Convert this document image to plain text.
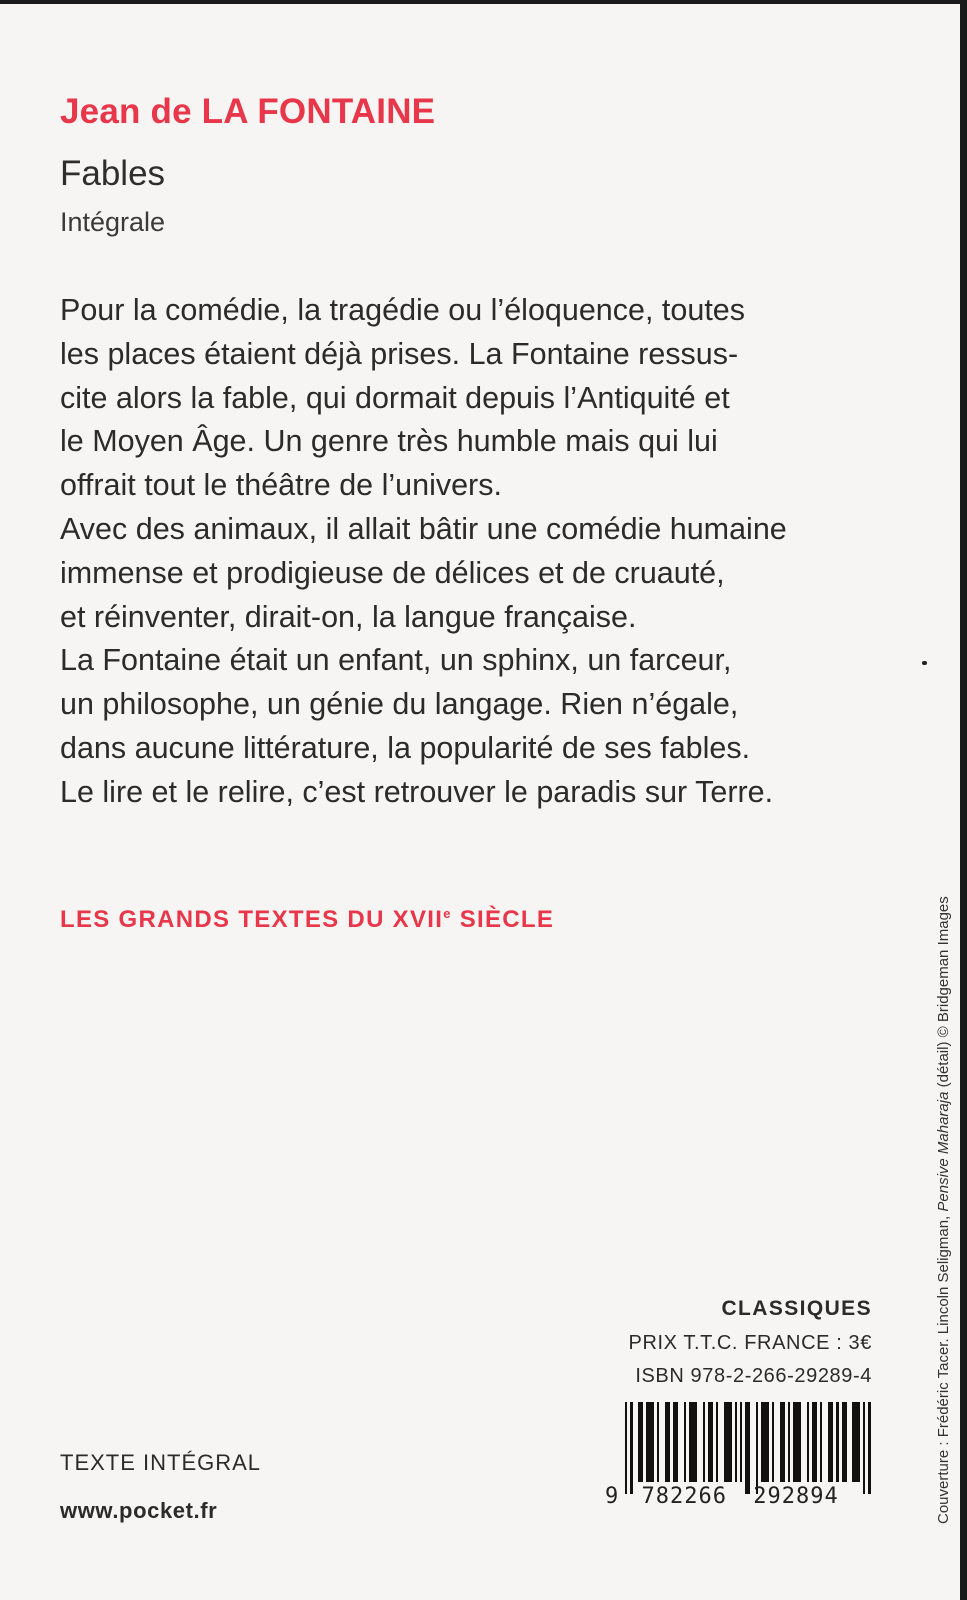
Jean de LA FONTAINE
Fables
Intégrale
Pour la comédie, la tragédie ou l’éloquence, toutes
les places étaient déjà prises. La Fontaine ressus-
cite alors la fable, qui dormait depuis l’Antiquité et
le Moyen Âge. Un genre très humble mais qui lui
offrait tout le théâtre de l’univers.
Avec des animaux, il allait bâtir une comédie humaine
immense et prodigieuse de délices et de cruauté,
et réinventer, dirait-on, la langue française.
La Fontaine était un enfant, un sphinx, un farceur,
un philosophe, un génie du langage. Rien n’égale,
dans aucune littérature, la popularité de ses fables.
Le lire et le relire, c’est retrouver le paradis sur Terre.
LES GRANDS TEXTES DU XVIIe SIÈCLE
CLASSIQUES
PRIX T.T.C. FRANCE : 3€
ISBN 978-2-266-29289-4
9 782266 292894
TEXTE INTÉGRAL
www.pocket.fr	Couverture : Frédéric Tacer. Lincoln Seligman, Pensive Maharaja (détail) © Bridgeman Images
